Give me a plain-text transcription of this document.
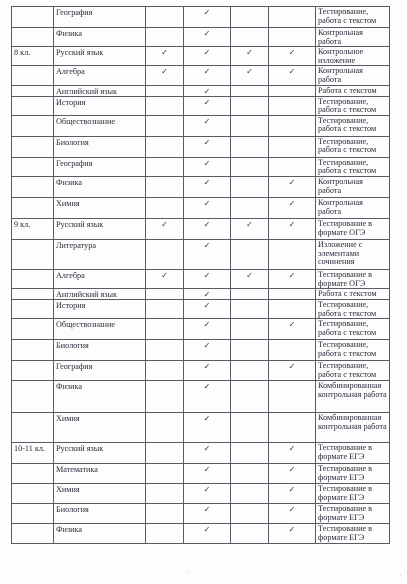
	География		✓			Тестирование, работа с текстом
	Физика		✓			Контрольная работа
8 кл.	Русский язык	✓	✓	✓	✓	Контрольное изложение
	Алгебра	✓	✓	✓	✓	Контрольная работа
	Английский язык		✓			Работа с текстом
	История		✓			Тестирование, работа с текстом
	Обществознание		✓			Тестирование, работа с текстом
	Биология		✓			Тестирование, работа с текстом
	География		✓			Тестирование, работа с текстом
	Физика		✓		✓	Контрольная работа
	Химия		✓		✓	Контрольная работа
9 кл.	Русский язык	✓	✓	✓	✓	Тестирование в формате ОГЭ
	Литература		✓			Изложение с элементами сочинения
	Алгебра	✓	✓	✓	✓	Тестирование в формате ОГЭ
	Английский язык		✓			Работа с текстом
	История		✓			Тестирование, работа с текстом
	Обществознание		✓		✓	Тестирование, работа с текстом
	Биология		✓			Тестирование, работа с текстом
	География		✓		✓	Тестирование, работа с текстом
	Физика		✓			Комбинированная контрольная работа
	Химия		✓			Комбинированная контрольная работа
10-11 кл.	Русский язык		✓		✓	Тестирование в формате ЕГЭ
	Математика		✓		✓	Тестирование в формате ЕГЭ
	Химия		✓		✓	Тестирование в формате ЕГЭ
	Биология		✓		✓	Тестирование в формате ЕГЭ
	Физика		✓		✓	Тестирование в формате ЕГЭ
·
·
